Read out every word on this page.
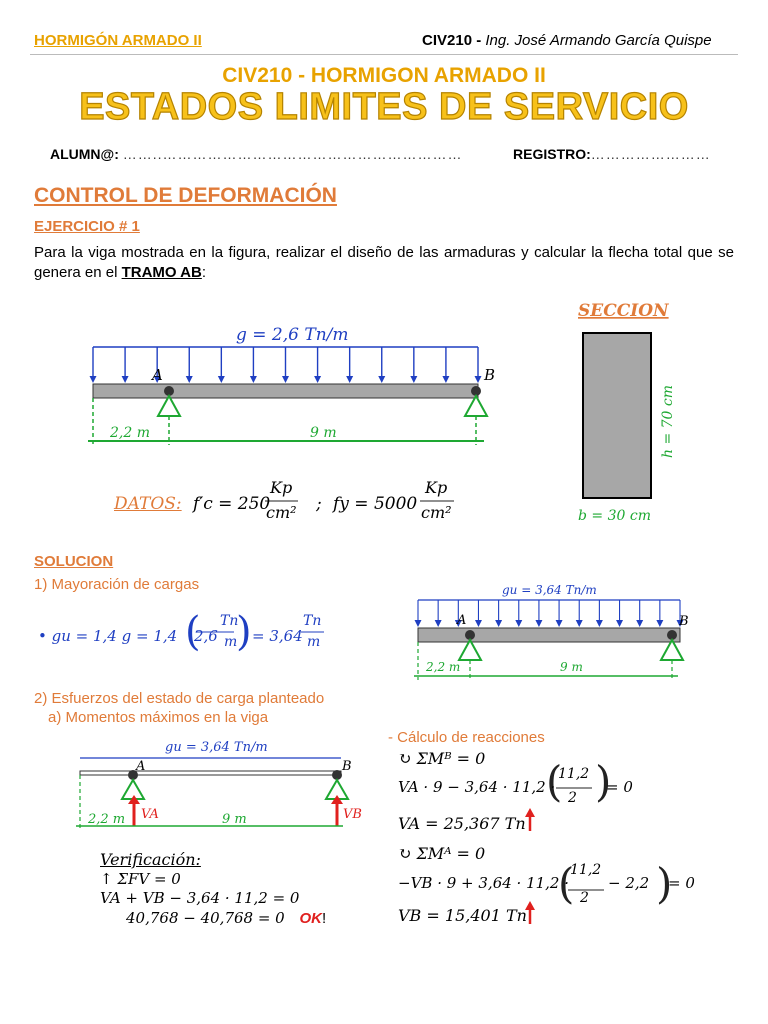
HORMIGÓN ARMADO II	CIV210 - Ing. José Armando García Quispe
CIV210 - HORMIGON ARMADO II
ESTADOS LIMITES DE SERVICIO
ALUMN@: ……..……………………………………………………	REGISTRO:……………………
CONTROL DE DEFORMACIÓN
EJERCICIO # 1
Para la viga mostrada en la figura, realizar el diseño de las armaduras y calcular la flecha total que se genera en el TRAMO AB:
g = 2,6 Tn/m
A	B
2,2 m	9 m
SECCION
h = 70 cm
b = 30 cm
gu = 3,64 Tn/m
A	B
2,2 m	9 m
gu = 3,64 Tn/m
A	B
VA	VB
2,2 m	9 m
( )
( )
( )
DATOS: f′c = 250
Kp
cm² ; fy = 5000
Kp
cm²
SOLUCION
1) Mayoración de cargas
• gu = 1,4 g = 1,4 2,6
Tn
m = 3,64
Tn
m
2) Esfuerzos del estado de carga planteado
a) Momentos máximos en la viga
- Cálculo de reacciones
Verificación:
↑ ΣFV = 0
VA + VB − 3,64 · 11,2 = 0
40,768 − 40,768 = 0 OK!
↻ ΣMᴮ = 0
VA · 9 − 3,64 · 11,2 ·
11,2
2
= 0
VA = 25,367 Tn
↻ ΣMᴬ = 0
−VB · 9 + 3,64 · 11,2 ·
11,2
2
− 2,2 = 0
VB = 15,401 Tn
